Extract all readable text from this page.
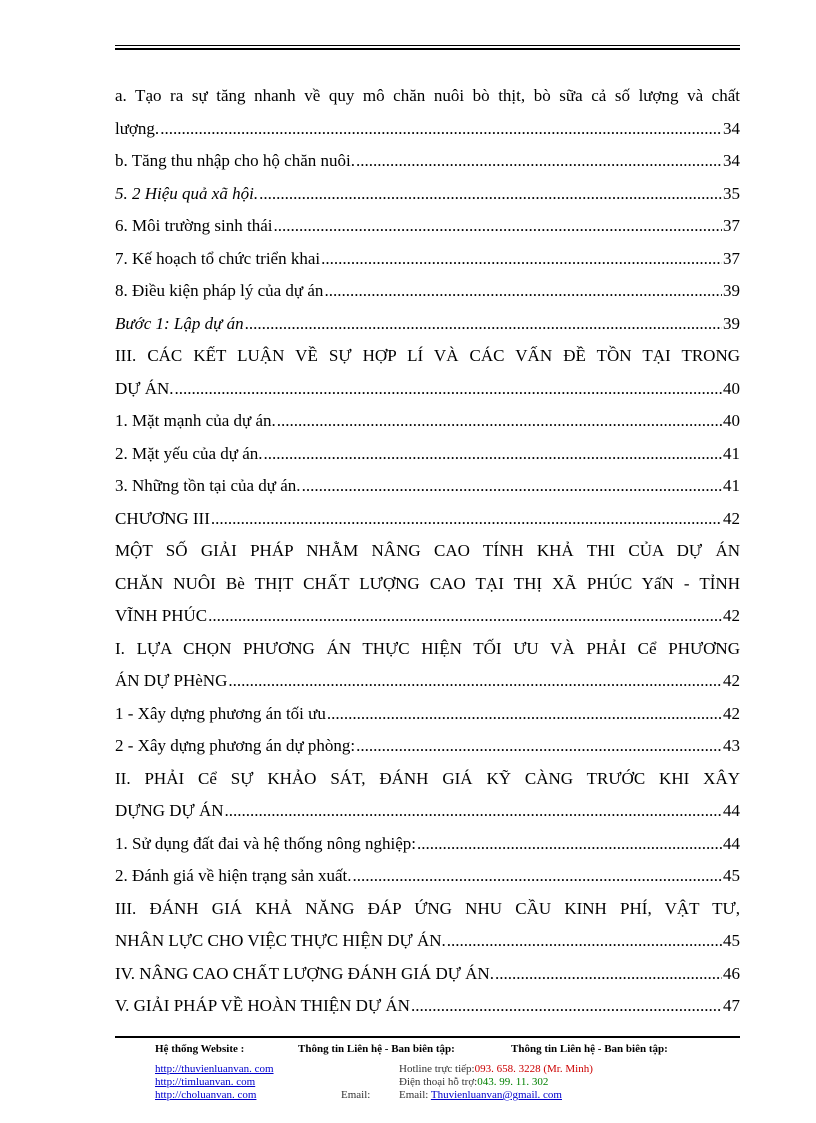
a. Tạo ra sự tăng nhanh về quy mô chăn nuôi bò thịt, bò sữa cả số lượng và chất
lượng. .....	34
b. Tăng thu nhập cho hộ chăn nuôi. .....	34
5. 2 Hiệu quả xã hội. .....	35
6. Môi trường sinh thái .....	37
7. Kế hoạch tổ chức triển khai .....	37
8. Điều kiện pháp lý của dự án .....	39
Bước 1: Lập dự án .....	39
III. CÁC KẾT LUẬN VỀ SỰ HỢP LÍ VÀ CÁC VẤN ĐỀ TỒN TẠI TRONG
DỰ ÁN. .....	40
1. Mặt mạnh của dự án. .....	40
2. Mặt yếu của dự án. .....	41
3. Những tồn tại của dự án. .....	41
CHƯƠNG III .....	42
MỘT SỐ GIẢI PHÁP NHẰM NÂNG CAO TÍNH KHẢ THI CỦA DỰ ÁN
CHĂN NUÔI Bè THỊT CHẤT LƯỢNG CAO TẠI THỊ XÃ PHÚC YấN - TỈNH
VĨNH PHÚC .....	42
I. LỰA CHỌN PHƯƠNG ÁN THỰC HIỆN TỐI ƯU VÀ PHẢI Cể PHƯƠNG
ÁN DỰ PHèNG .....	42
1 - Xây dựng phương án tối ưu .....	42
2 - Xây dựng phương án dự phòng: .....	43
II. PHẢI Cể SỰ KHẢO SÁT, ĐÁNH GIÁ KỸ CÀNG TRƯỚC KHI XÂY
DỰNG DỰ ÁN .....	44
1. Sử dụng đất đai và hệ thống nông nghiệp: .....	44
2. Đánh giá về hiện trạng sản xuất. .....	45
III. ĐÁNH GIÁ KHẢ NĂNG ĐÁP ỨNG NHU CẦU KINH PHÍ, VẬT TƯ,
NHÂN LỰC CHO VIỆC THỰC HIỆN DỰ ÁN. .....	45
IV. NÂNG CAO CHẤT LƯỢNG ĐÁNH GIÁ DỰ ÁN. .....	46
V. GIẢI PHÁP VỀ HOÀN THIỆN DỰ ÁN .....	47
Hệ thống Website :
http://thuvienluanvan. com
http://timluanvan. com
http://choluanvan. com
Thông tin Liên hệ - Ban biên tập:
Email:
Thông tin Liên hệ - Ban biên tập:
Hotline trực tiếp:093. 658. 3228 (Mr. Minh)
Điện thoại hỗ trợ:043. 99. 11. 302
Email: Thuvienluanvan@gmail. com
